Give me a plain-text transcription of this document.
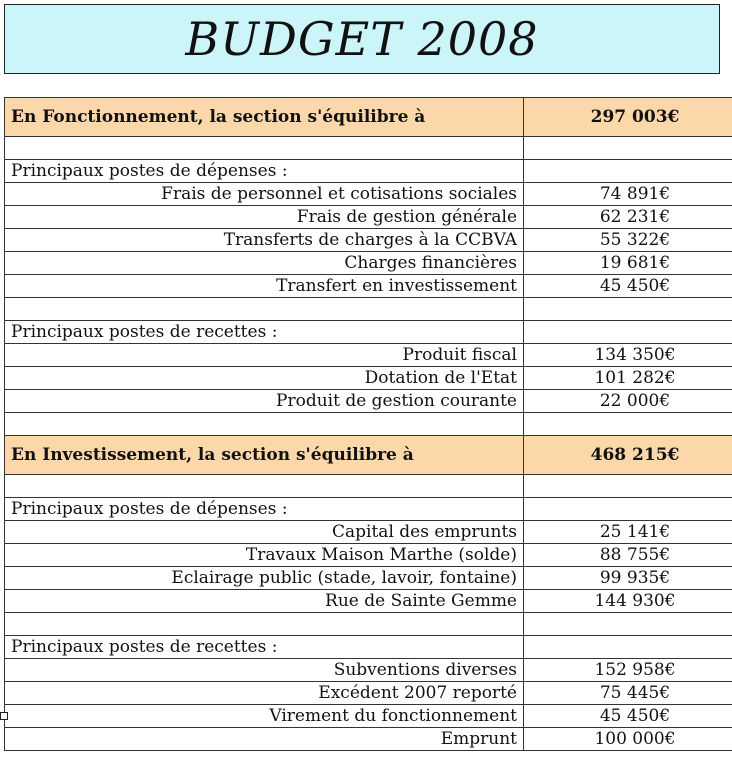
BUDGET 2008
En Fonctionnement, la section s'équilibre à	297 003€

Principaux postes de dépenses :	
Frais de personnel et cotisations sociales	74 891€
Frais de gestion générale	62 231€
Transferts de charges à la CCBVA	55 322€
Charges financières	19 681€
Transfert en investissement	45 450€

Principaux postes de recettes :	
Produit fiscal	134 350€
Dotation de l'Etat	101 282€
Produit de gestion courante	22 000€

En Investissement, la section s'équilibre à	468 215€

Principaux postes de dépenses :	
Capital des emprunts	25 141€
Travaux Maison Marthe (solde)	88 755€
Eclairage public (stade, lavoir, fontaine)	99 935€
Rue de Sainte Gemme	144 930€

Principaux postes de recettes :	
Subventions diverses	152 958€
Excédent 2007 reporté	75 445€
Virement du fonctionnement	45 450€
Emprunt	100 000€
